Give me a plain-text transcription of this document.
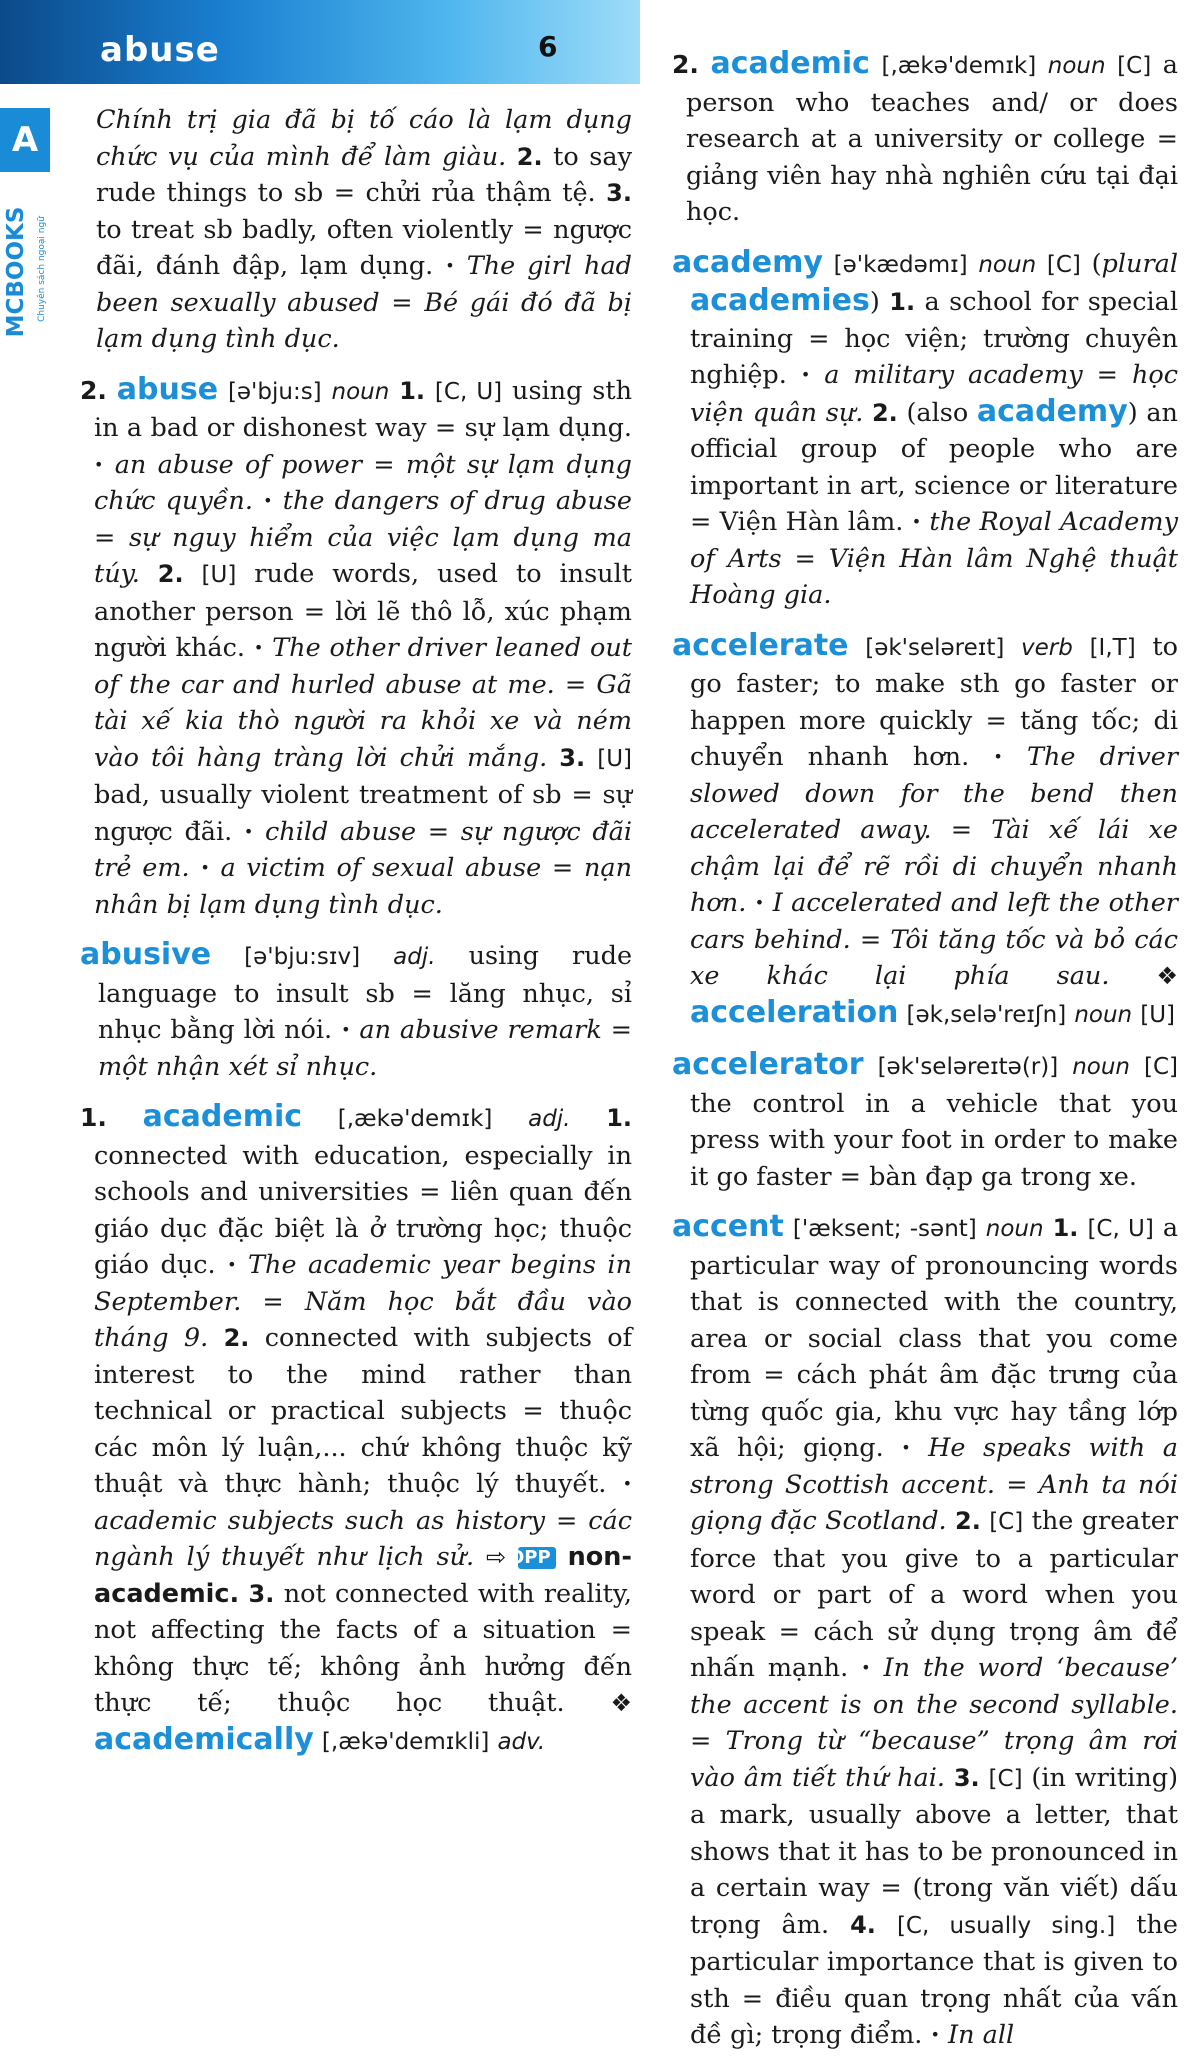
abuse	6
A
MCBOOKS Chuyên sách ngoại ngữ

Chính trị gia đã bị tố cáo là lạm dụng chức vụ của mình để làm giàu. 2. to say rude things to sb = chửi rủa thậm tệ. 3. to treat sb badly, often violently = ngược đãi, đánh đập, lạm dụng. • The girl had been sexually abused = Bé gái đó đã bị lạm dụng tình dục.

2. abuse [ə'bju:s] noun 1. [C, U] using sth in a bad or dishonest way = sự lạm dụng. • an abuse of power = một sự lạm dụng chức quyền. • the dangers of drug abuse = sự nguy hiểm của việc lạm dụng ma túy. 2. [U] rude words, used to insult another person = lời lẽ thô lỗ, xúc phạm người khác. • The other driver leaned out of the car and hurled abuse at me. = Gã tài xế kia thò người ra khỏi xe và ném vào tôi hàng tràng lời chửi mắng. 3. [U] bad, usually violent treatment of sb = sự ngược đãi. • child abuse = sự ngược đãi trẻ em. • a victim of sexual abuse = nạn nhân bị lạm dụng tình dục.

abusive [ə'bju:sɪv] adj. using rude language to insult sb = lăng nhục, sỉ nhục bằng lời nói. • an abusive remark = một nhận xét sỉ nhục.

1. academic [,ækə'demɪk] adj. 1. connected with education, especially in schools and universities = liên quan đến giáo dục đặc biệt là ở trường học; thuộc giáo dục. • The academic year begins in September. = Năm học bắt đầu vào tháng 9. 2. connected with subjects of interest to the mind rather than technical or practical subjects = thuộc các môn lý luận,... chứ không thuộc kỹ thuật và thực hành; thuộc lý thuyết. • academic subjects such as history = các ngành lý thuyết như lịch sử. ⇨ OPP non-academic. 3. not connected with reality, not affecting the facts of a situation = không thực tế; không ảnh hưởng đến thực tế; thuộc học thuật. ❖ academically [,ækə'demɪkli] adv.

2. academic [,ækə'demɪk] noun [C] a person who teaches and/ or does research at a university or college = giảng viên hay nhà nghiên cứu tại đại học.

academy [ə'kædəmɪ] noun [C] (plural academies) 1. a school for special training = học viện; trường chuyên nghiệp. • a military academy = học viện quân sự. 2. (also academy) an official group of people who are important in art, science or literature = Viện Hàn lâm. • the Royal Academy of Arts = Viện Hàn lâm Nghệ thuật Hoàng gia.

accelerate [ək'seləreɪt] verb [I,T] to go faster; to make sth go faster or happen more quickly = tăng tốc; di chuyển nhanh hơn. • The driver slowed down for the bend then accelerated away. = Tài xế lái xe chậm lại để rẽ rồi di chuyển nhanh hơn. • I accelerated and left the other cars behind. = Tôi tăng tốc và bỏ các xe khác lại phía sau. ❖ acceleration [ək,selə'reɪʃn] noun [U]

accelerator [ək'seləreɪtə(r)] noun [C] the control in a vehicle that you press with your foot in order to make it go faster = bàn đạp ga trong xe.

accent ['æksent; -sənt] noun 1. [C, U] a particular way of pronouncing words that is connected with the country, area or social class that you come from = cách phát âm đặc trưng của từng quốc gia, khu vực hay tầng lớp xã hội; giọng. • He speaks with a strong Scottish accent. = Anh ta nói giọng đặc Scotland. 2. [C] the greater force that you give to a particular word or part of a word when you speak = cách sử dụng trọng âm để nhấn mạnh. • In the word ‘because’ the accent is on the second syllable. = Trong từ “because” trọng âm rơi vào âm tiết thứ hai. 3. [C] (in writing) a mark, usually above a letter, that shows that it has to be pronounced in a certain way = (trong văn viết) dấu trọng âm. 4. [C, usually sing.] the particular importance that is given to sth = điều quan trọng nhất của vấn đề gì; trọng điểm. • In all
